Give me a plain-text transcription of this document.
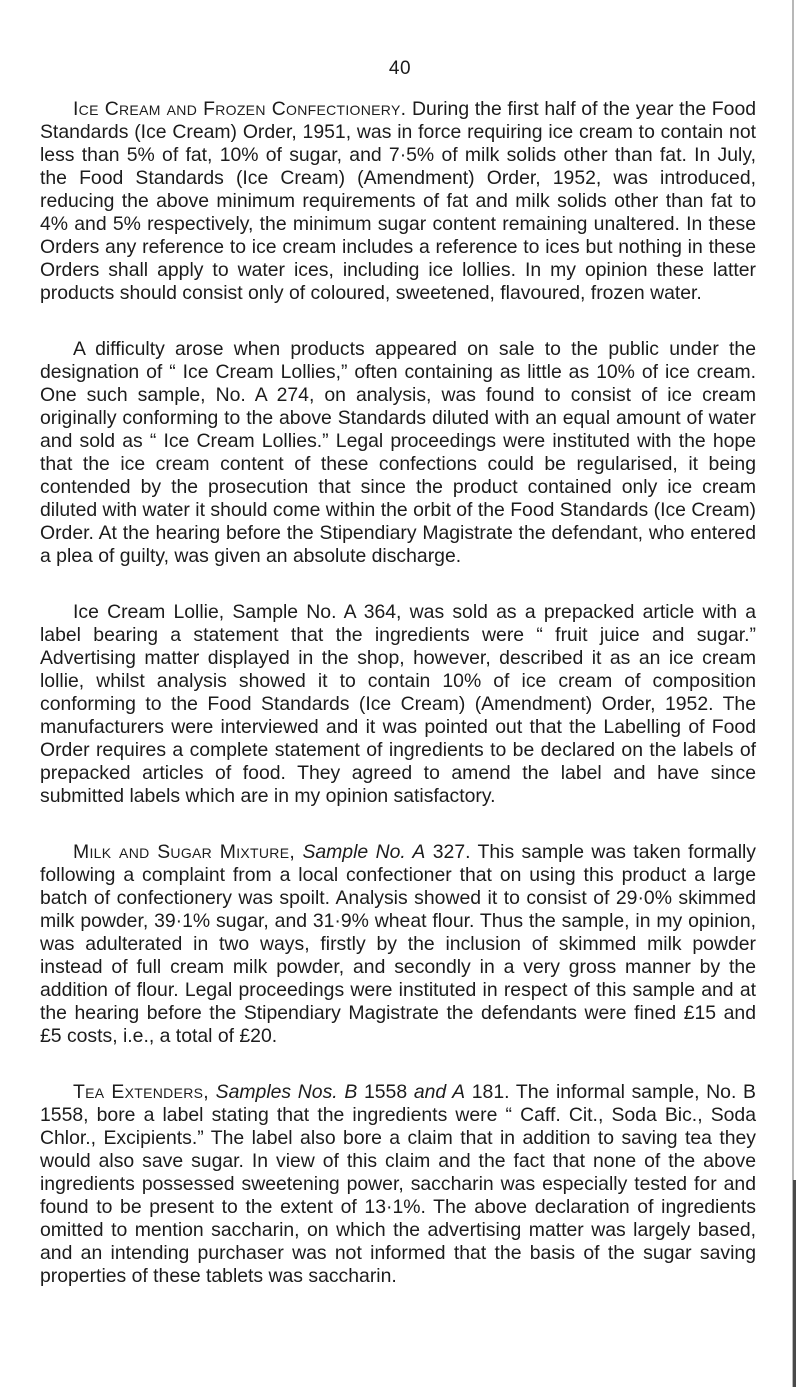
40

Ice Cream and Frozen Confectionery. During the first half of the year the Food Standards (Ice Cream) Order, 1951, was in force requiring ice cream to contain not less than 5% of fat, 10% of sugar, and 7·5% of milk solids other than fat. In July, the Food Standards (Ice Cream) (Amendment) Order, 1952, was introduced, reducing the above minimum requirements of fat and milk solids other than fat to 4% and 5% respectively, the minimum sugar content remaining unaltered. In these Orders any reference to ice cream includes a reference to ices but nothing in these Orders shall apply to water ices, including ice lollies. In my opinion these latter products should consist only of coloured, sweetened, flavoured, frozen water.

A difficulty arose when products appeared on sale to the public under the designation of “ Ice Cream Lollies,” often containing as little as 10% of ice cream. One such sample, No. A 274, on analysis, was found to consist of ice cream originally conforming to the above Standards diluted with an equal amount of water and sold as “ Ice Cream Lollies.” Legal proceedings were instituted with the hope that the ice cream content of these confections could be regularised, it being contended by the prosecution that since the product contained only ice cream diluted with water it should come within the orbit of the Food Standards (Ice Cream) Order. At the hearing before the Stipendiary Magistrate the defendant, who entered a plea of guilty, was given an absolute discharge.

Ice Cream Lollie, Sample No. A 364, was sold as a prepacked article with a label bearing a statement that the ingredients were “ fruit juice and sugar.” Advertising matter displayed in the shop, however, described it as an ice cream lollie, whilst analysis showed it to contain 10% of ice cream of composition conforming to the Food Standards (Ice Cream) (Amendment) Order, 1952. The manufacturers were interviewed and it was pointed out that the Labelling of Food Order requires a complete statement of ingredients to be declared on the labels of prepacked articles of food. They agreed to amend the label and have since submitted labels which are in my opinion satisfactory.

Milk and Sugar Mixture, Sample No. A 327. This sample was taken formally following a complaint from a local confectioner that on using this product a large batch of confectionery was spoilt. Analysis showed it to consist of 29·0% skimmed milk powder, 39·1% sugar, and 31·9% wheat flour. Thus the sample, in my opinion, was adulterated in two ways, firstly by the inclusion of skimmed milk powder instead of full cream milk powder, and secondly in a very gross manner by the addition of flour. Legal proceedings were instituted in respect of this sample and at the hearing before the Stipendiary Magistrate the defendants were fined £15 and £5 costs, i.e., a total of £20.

Tea Extenders, Samples Nos. B 1558 and A 181. The informal sample, No. B 1558, bore a label stating that the ingredients were “ Caff. Cit., Soda Bic., Soda Chlor., Excipients.” The label also bore a claim that in addition to saving tea they would also save sugar. In view of this claim and the fact that none of the above ingredients possessed sweetening power, saccharin was especially tested for and found to be present to the extent of 13·1%. The above declaration of ingredients omitted to mention saccharin, on which the advertising matter was largely based, and an intending purchaser was not informed that the basis of the sugar saving properties of these tablets was saccharin.
